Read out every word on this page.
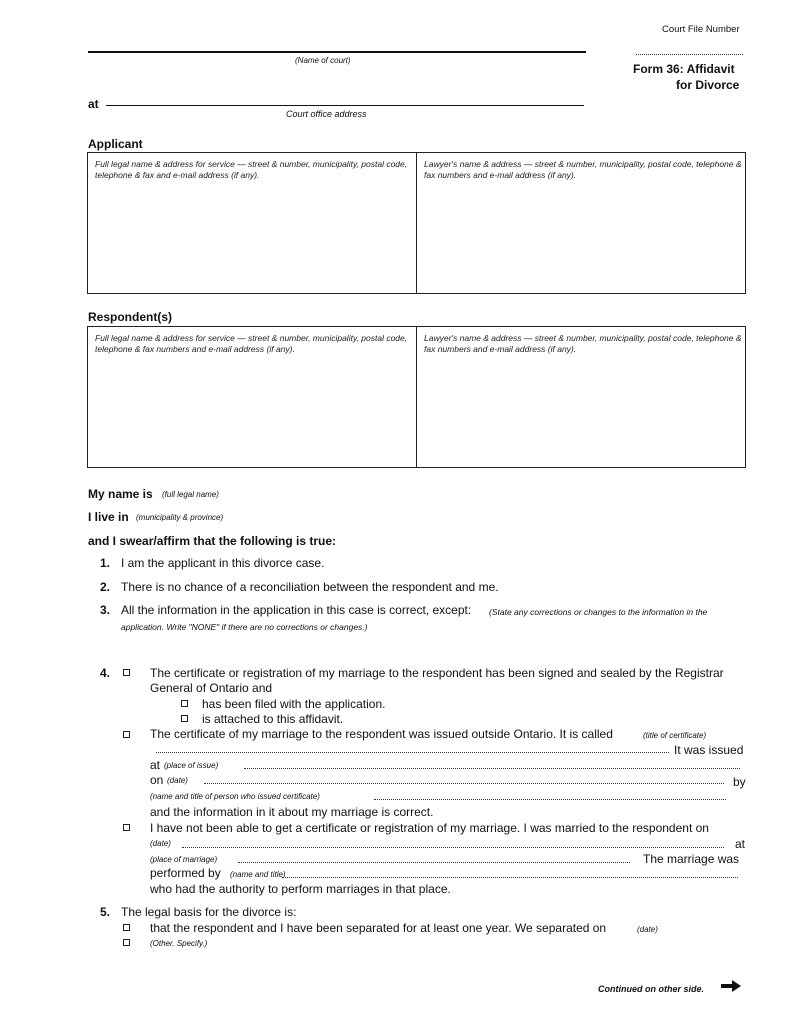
Court File Number
(Name of court)
Form 36: Affidavit
for Divorce
at
Court office address
Applicant
Full legal name & address for service — street & number, municipality, postal code, telephone & fax and e-mail address (if any).
Lawyer's name & address — street & number, municipality, postal code, telephone & fax numbers and e-mail address (if any).
Respondent(s)
Full legal name & address for service — street & number, municipality, postal code, telephone & fax numbers and e-mail address (if any).
Lawyer's name & address — street & number, municipality, postal code, telephone & fax numbers and e-mail address (if any).
My name is (full legal name)
I live in (municipality & province)
and I swear/affirm that the following is true:
1. I am the applicant in this divorce case.
2. There is no chance of a reconciliation between the respondent and me.
3. All the information in the application in this case is correct, except: (State any corrections or changes to the information in the
application. Write "NONE" if there are no corrections or changes.)
4.	The certificate or registration of my marriage to the respondent has been signed and sealed by the Registrar
General of Ontario and
has been filed with the application.
is attached to this affidavit.
The certificate of my marriage to the respondent was issued outside Ontario. It is called	(title of certificate)
It was issued
at (place of issue)
on (date)	by
(name and title of person who issued certificate)
and the information in it about my marriage is correct.
I have not been able to get a certificate or registration of my marriage. I was married to the respondent on
(date)	at
(place of marriage)	The marriage was
performed by (name and title)
who had the authority to perform marriages in that place.
5. The legal basis for the divorce is:
that the respondent and I have been separated for at least one year. We separated on	(date)
(Other. Specify.)
Continued on other side.
